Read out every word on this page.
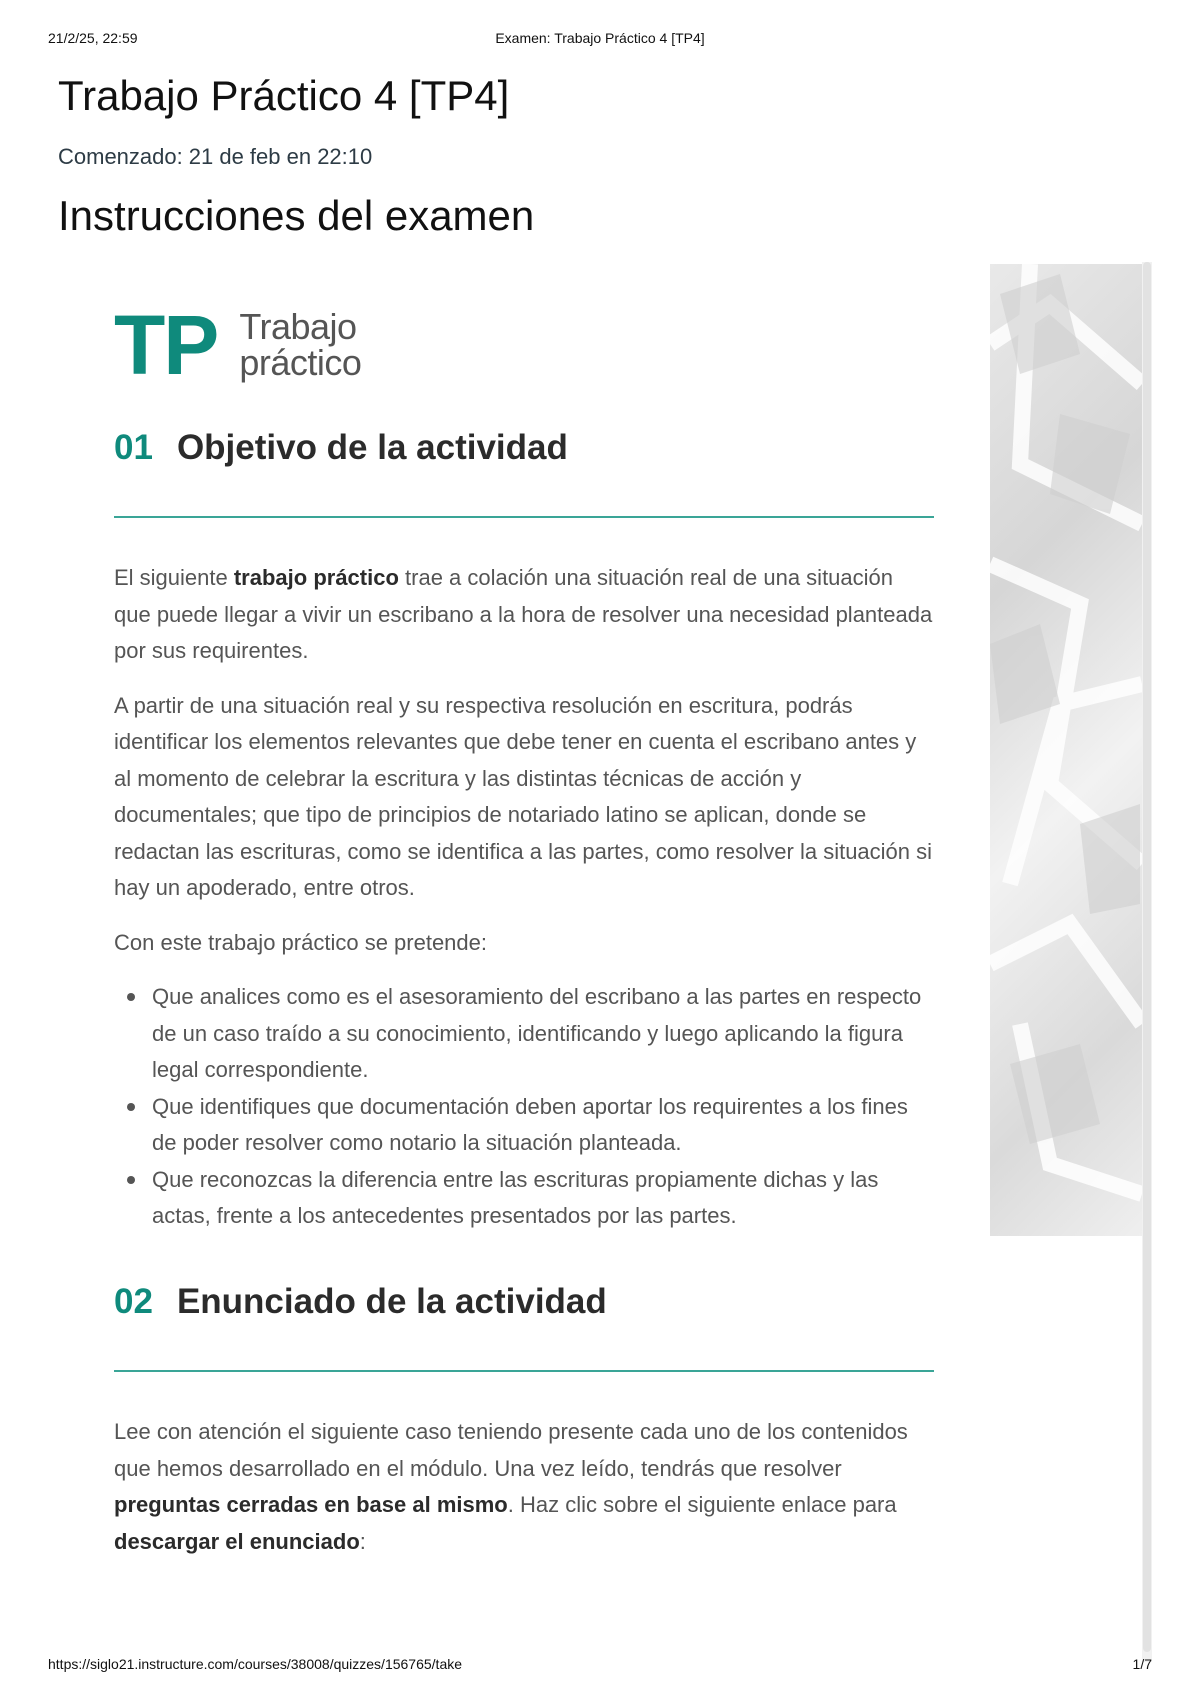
21/2/25, 22:59	Examen: Trabajo Práctico 4 [TP4]
Trabajo Práctico 4 [TP4]
Comenzado: 21 de feb en 22:10
Instrucciones del examen
TP Trabajo
práctico
01 Objetivo de la actividad

El siguiente trabajo práctico trae a colación una situación real de una situación que puede llegar a vivir un escribano a la hora de resolver una necesidad planteada por sus requirentes.

A partir de una situación real y su respectiva resolución en escritura, podrás identificar los elementos relevantes que debe tener en cuenta el escribano antes y al momento de celebrar la escritura y las distintas técnicas de acción y documentales; que tipo de principios de notariado latino se aplican, donde se redactan las escrituras, como se identifica a las partes, como resolver la situación si hay un apoderado, entre otros.

Con este trabajo práctico se pretende:

Que analices como es el asesoramiento del escribano a las partes en respecto de un caso traído a su conocimiento, identificando y luego aplicando la figura legal correspondiente.
Que identifiques que documentación deben aportar los requirentes a los fines de poder resolver como notario la situación planteada.
Que reconozcas la diferencia entre las escrituras propiamente dichas y las actas, frente a los antecedentes presentados por las partes.
02 Enunciado de la actividad

Lee con atención el siguiente caso teniendo presente cada uno de los contenidos que hemos desarrollado en el módulo. Una vez leído, tendrás que resolver preguntas cerradas en base al mismo. Haz clic sobre el siguiente enlace para descargar el enunciado:

https://siglo21.instructure.com/courses/38008/quizzes/156765/take	1/7
